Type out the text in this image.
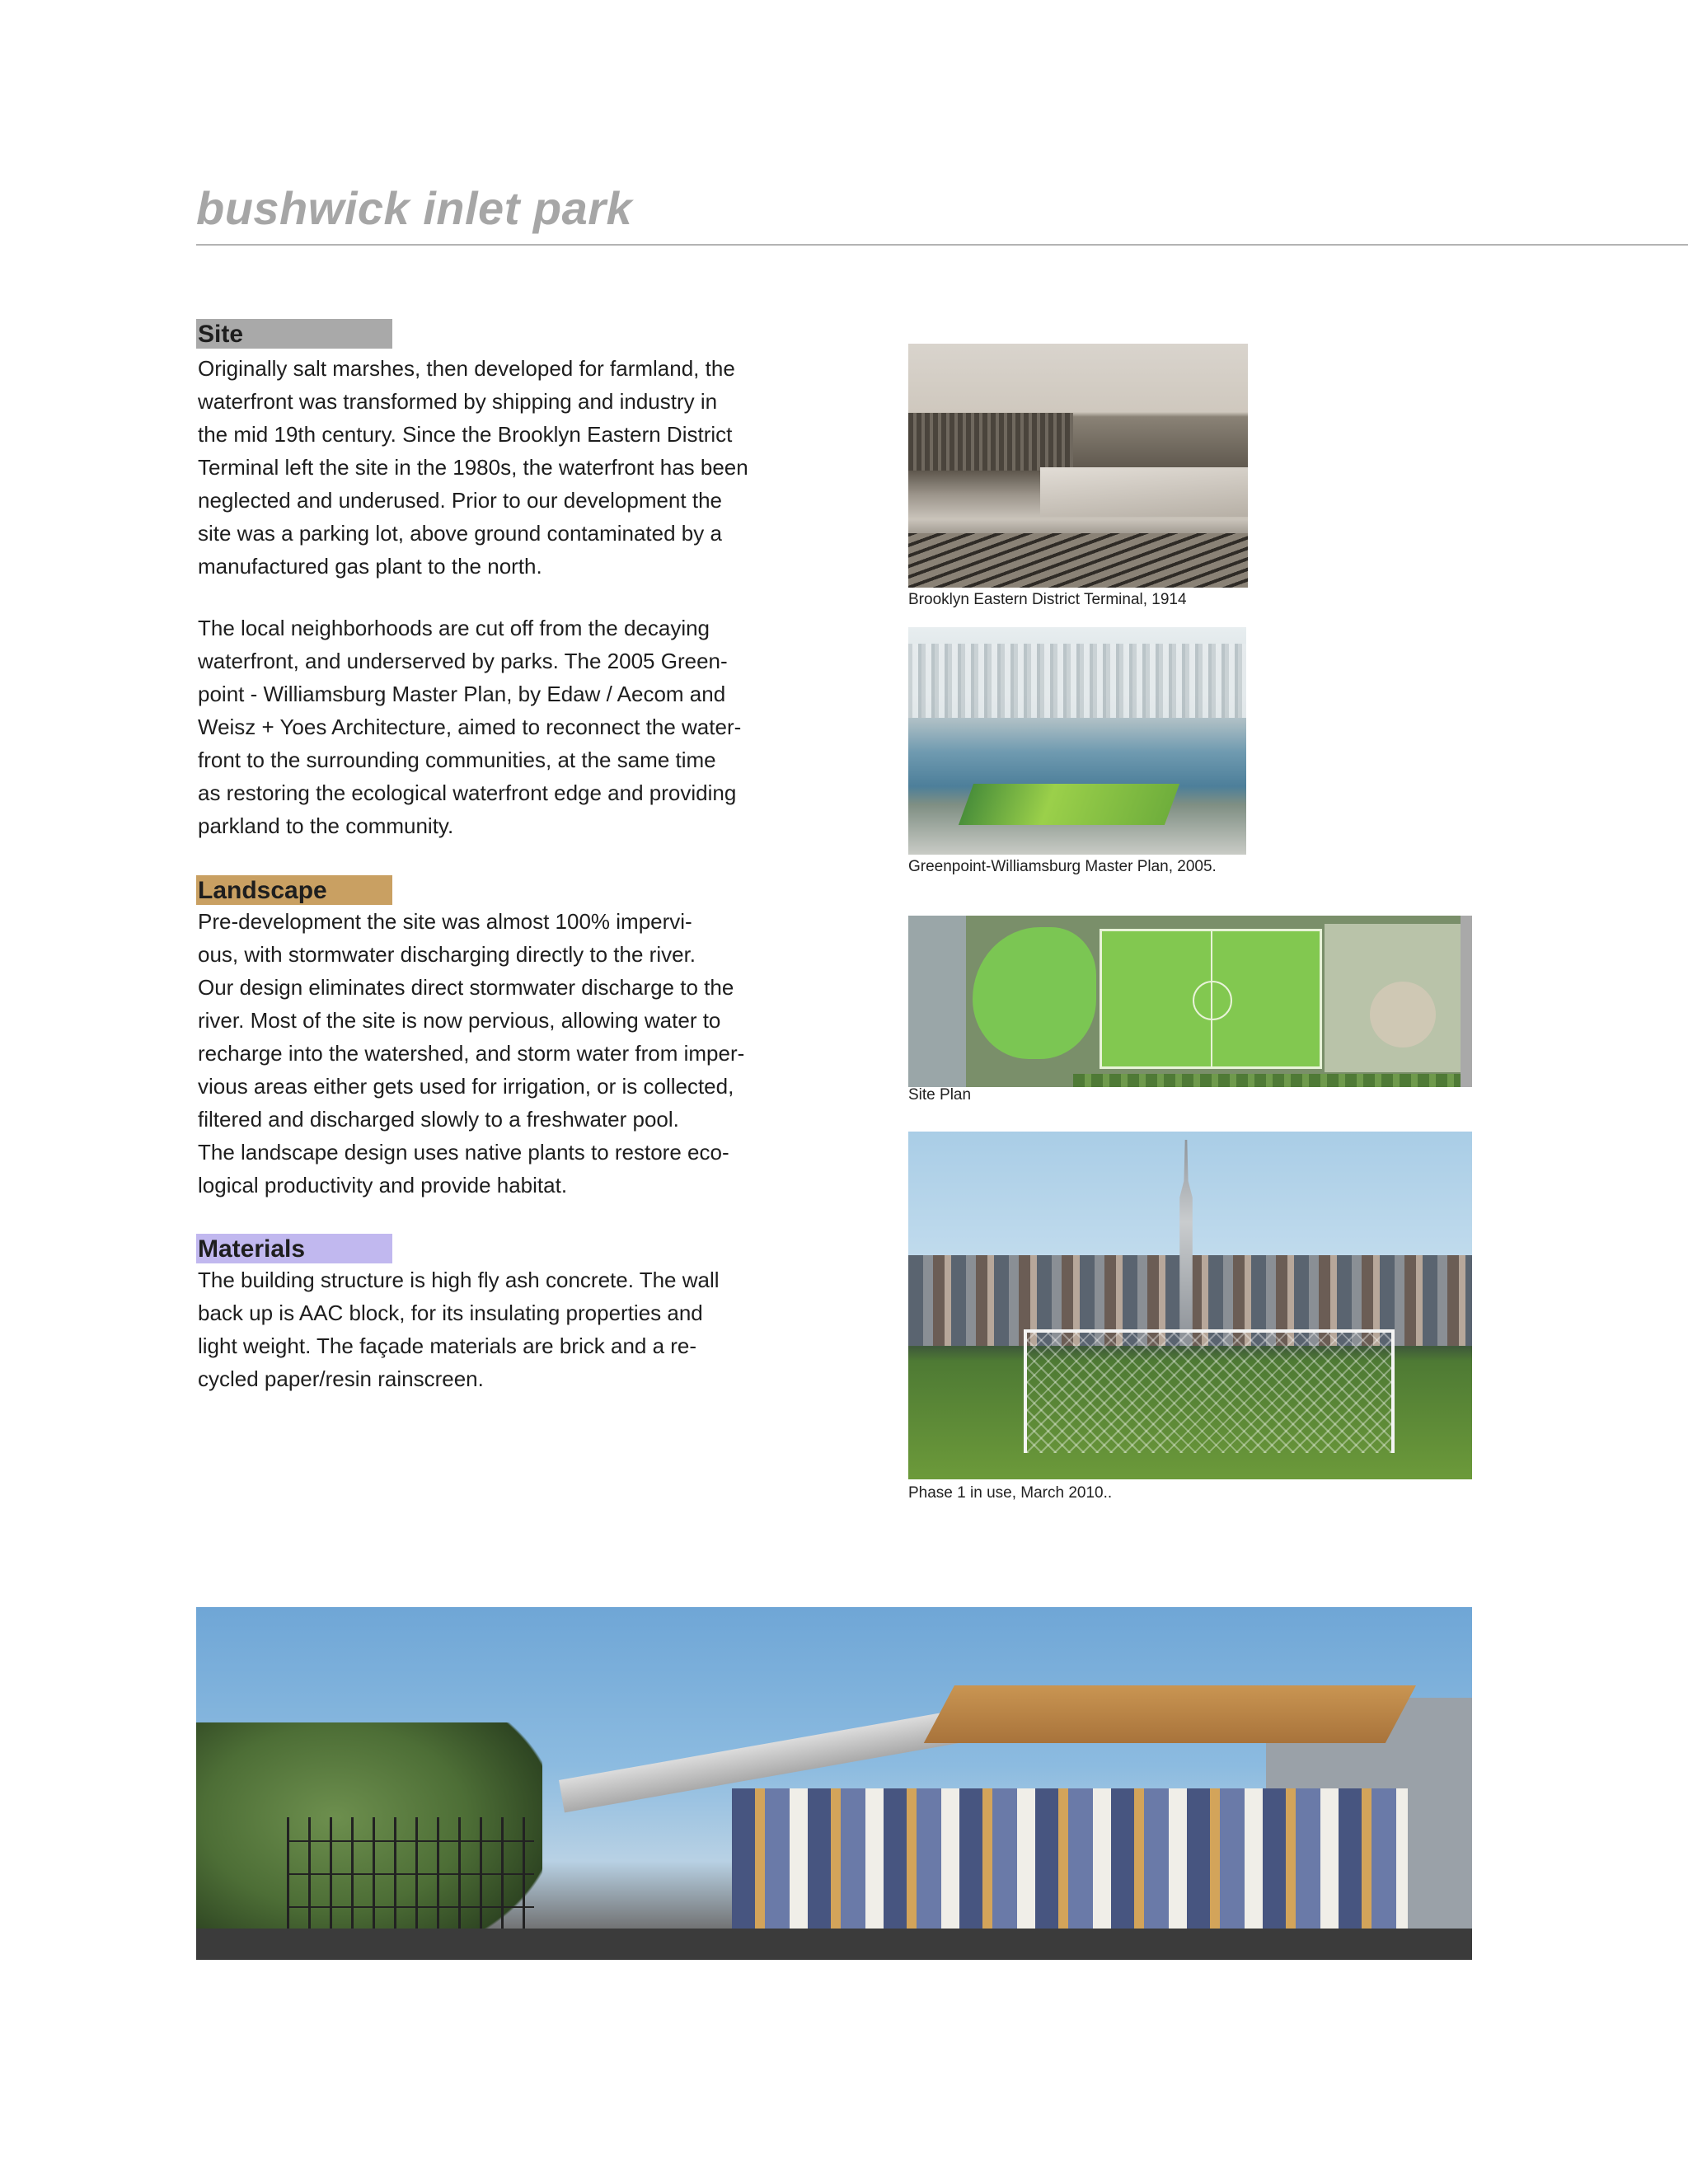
bushwick inlet park
Site

Originally salt marshes, then developed for farmland, the
waterfront was transformed by shipping and industry in
the mid 19th century. Since the Brooklyn Eastern District
Terminal left the site in the 1980s, the waterfront has been
neglected and underused. Prior to our development the
site was a parking lot, above ground contaminated by a
manufactured gas plant to the north.

The local neighborhoods are cut off from the decaying
waterfront, and underserved by parks. The 2005 Green-
point - Williamsburg Master Plan, by Edaw / Aecom and
Weisz + Yoes Architecture, aimed to reconnect the water-
front to the surrounding communities, at the same time
as restoring the ecological waterfront edge and providing
parkland to the community.

Landscape

Pre-development the site was almost 100% impervi-
ous, with stormwater discharging directly to the river.
Our design eliminates direct stormwater discharge to the
river. Most of the site is now pervious, allowing water to
recharge into the watershed, and storm water from imper-
vious areas either gets used for irrigation, or is collected,
filtered and discharged slowly to a freshwater pool.
The landscape design uses native plants to restore eco-
logical productivity and provide habitat.

Materials

The building structure is high fly ash concrete. The wall
back up is AAC block, for its insulating properties and
light weight. The façade materials are brick and a re-
cycled paper/resin rainscreen.

Brooklyn Eastern District Terminal, 1914

Greenpoint-Williamsburg Master Plan, 2005.

Site Plan

Phase 1 in use, March 2010..
